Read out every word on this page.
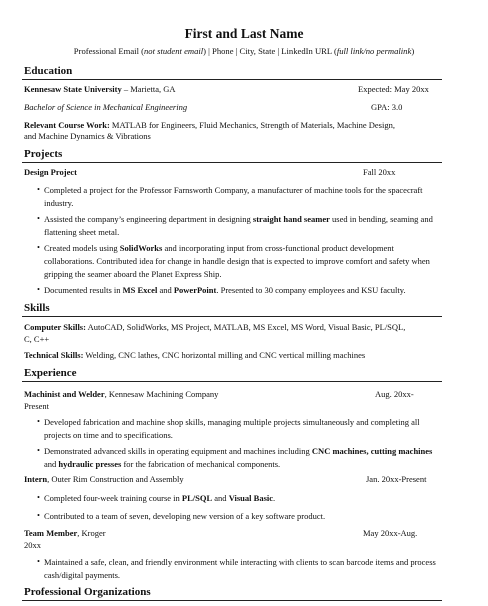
First and Last Name
Professional Email (not student email) | Phone | City, State | LinkedIn URL (full link/no permalink)
Education
Kennesaw State University – Marietta, GA	Expected: May 20xx
Bachelor of Science in Mechanical Engineering	GPA: 3.0
Relevant Course Work: MATLAB for Engineers, Fluid Mechanics, Strength of Materials, Machine Design,
and Machine Dynamics & Vibrations
Projects
Design Project	Fall 20xx
• Completed a project for the Professor Farnsworth Company, a manufacturer of machine tools for the spacecraft industry.
• Assisted the company’s engineering department in designing straight hand seamer used in bending, seaming and flattening sheet metal.
• Created models using SolidWorks and incorporating input from cross-functional product development collaborations. Contributed idea for change in handle design that is expected to improve comfort and safety when gripping the seamer aboard the Planet Express Ship.
• Documented results in MS Excel and PowerPoint. Presented to 30 company employees and KSU faculty.
Skills
Computer Skills: AutoCAD, SolidWorks, MS Project, MATLAB, MS Excel, MS Word, Visual Basic, PL/SQL,
C, C++
Technical Skills: Welding, CNC lathes, CNC horizontal milling and CNC vertical milling machines
Experience
Machinist and Welder, Kennesaw Machining Company	Aug. 20xx-
Present
• Developed fabrication and machine shop skills, managing multiple projects simultaneously and completing all projects on time and to specifications.
• Demonstrated advanced skills in operating equipment and machines including CNC machines, cutting machines and hydraulic presses for the fabrication of mechanical components.
Intern, Outer Rim Construction and Assembly	Jan. 20xx-Present
• Completed four-week training course in PL/SQL and Visual Basic.
• Contributed to a team of seven, developing new version of a key software product.
Team Member, Kroger	May 20xx-Aug.
20xx
• Maintained a safe, clean, and friendly environment while interacting with clients to scan barcode items and process cash/digital payments.
Professional Organizations
